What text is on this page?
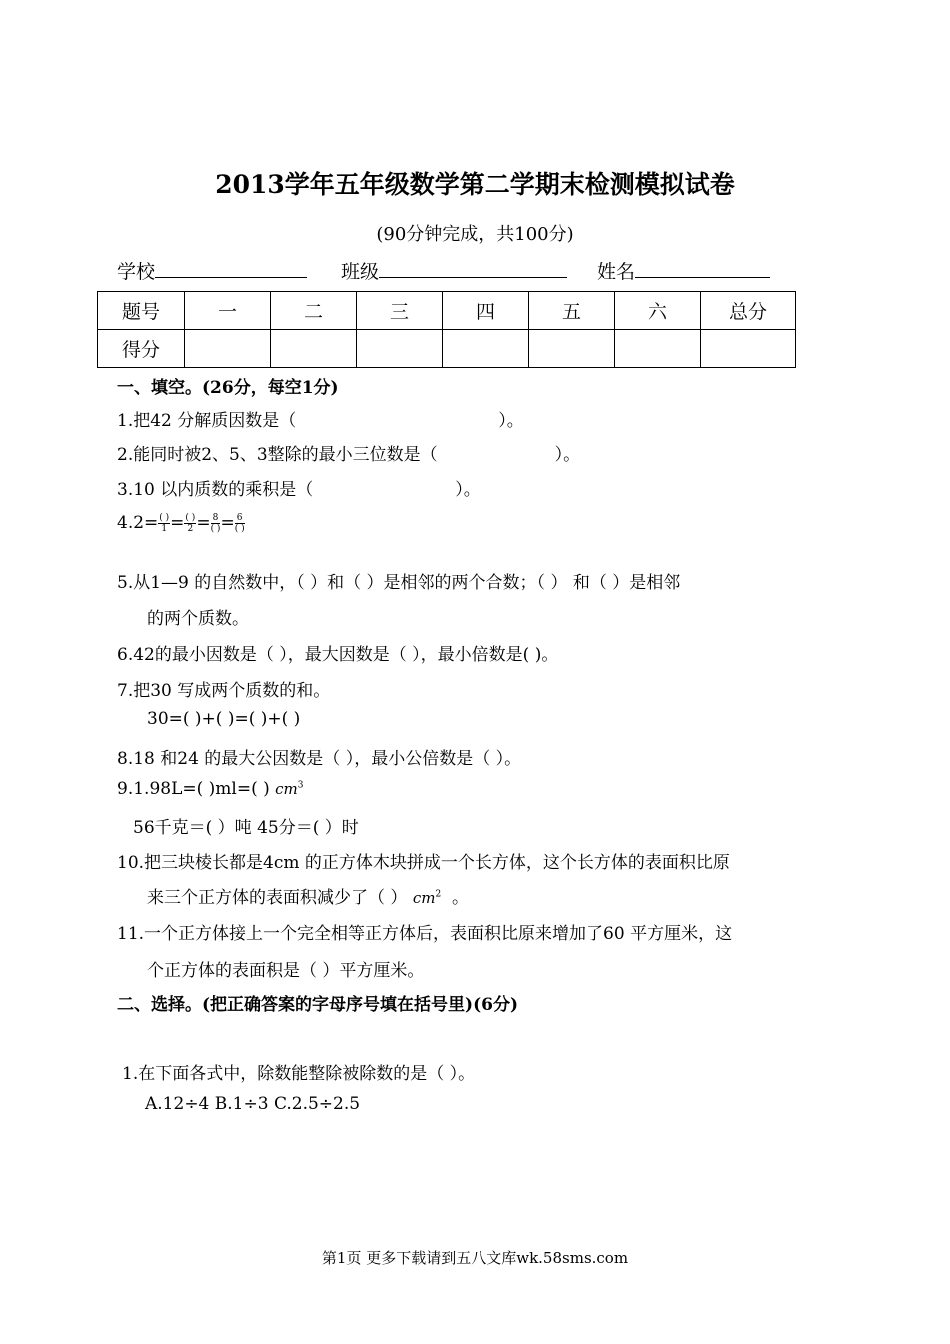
2013学年五年级数学第二学期末检测模拟试卷
(90分钟完成，共100分)
学校	班级	姓名
题号	一	二	三	四	五	六	总分
得分							
一、填空。(26分，每空1分)
1.把42 分解质因数是（	）。
2.能同时被2、5、3整除的最小三位数是（	）。
3.10 以内质数的乘积是（	）。
$4.2= \frac{( )}{1}= \frac{( )}{2}= \frac{8}{( )}= \frac{6}{( )}$
5.从1—9 的自然数中，（ ）和（ ）是相邻的两个合数；（ ） 和（ ）是相邻
的两个质数。
6.42的最小因数是（ ），最大因数是（ ），最小倍数是( )。
7.把30 写成两个质数的和。
30=( )+( )=( )+( )
8.18 和24 的最大公因数是（ ），最小公倍数是（ ）。
9.1.98L=( )ml=( ) $cm^3$
56千克＝( ）吨 45分＝( ）时
10.把三块棱长都是4cm 的正方体木块拼成一个长方体，这个长方体的表面积比原
来三个正方体的表面积减少了（ ） $cm^2$ 。
11.一个正方体接上一个完全相等正方体后，表面积比原来增加了60 平方厘米，这
个正方体的表面积是（ ）平方厘米。
二、选择。(把正确答案的字母序号填在括号里)(6分)
1.在下面各式中，除数能整除被除数的是（ ）。
A.12÷4 B.1÷3 C.2.5÷2.5
第1页 更多下载请到五八文库wk.58sms.com
